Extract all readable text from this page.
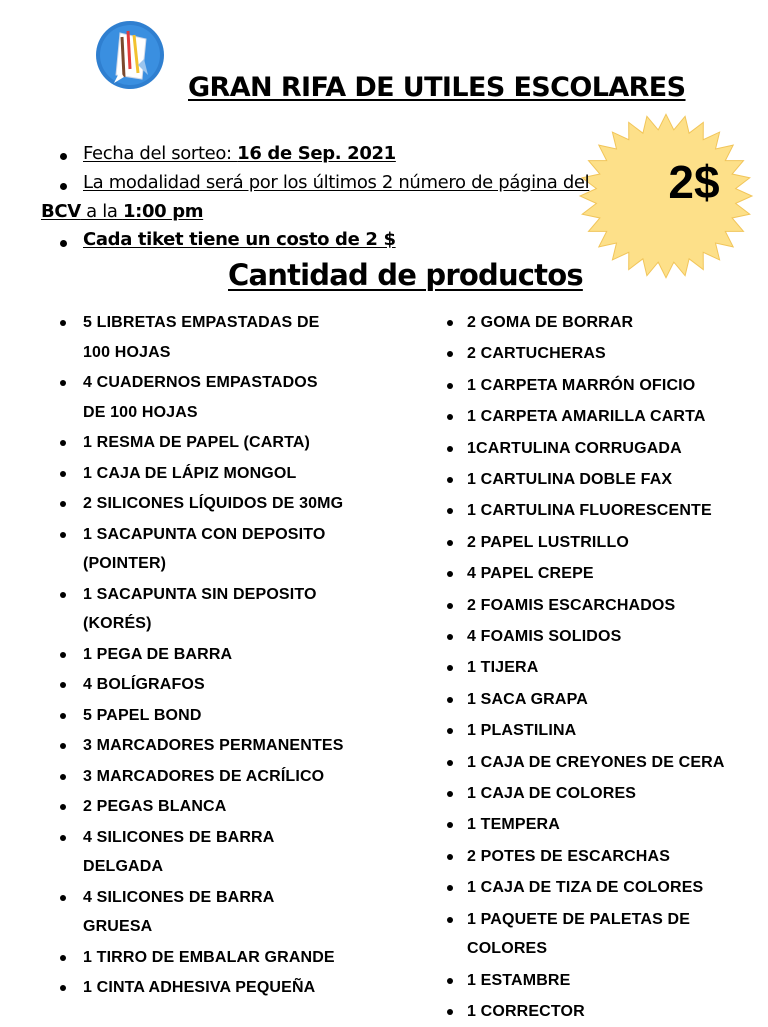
GRAN RIFA DE UTILES ESCOLARES
2$
Fecha del sorteo: 16 de Sep. 2021
La modalidad será por los últimos 2 número de página del
BCV a la 1:00 pm
Cada tiket tiene un costo de 2 $
Cantidad de productos
5 LIBRETAS EMPASTADAS DE
100 HOJAS
4 CUADERNOS EMPASTADOS
DE 100 HOJAS
1 RESMA DE PAPEL (CARTA)
1 CAJA DE LÁPIZ MONGOL
2 SILICONES LÍQUIDOS DE 30MG
1 SACAPUNTA CON DEPOSITO
(POINTER)
1 SACAPUNTA SIN DEPOSITO
(KORÉS)
1 PEGA DE BARRA
4 BOLÍGRAFOS
5 PAPEL BOND
3 MARCADORES PERMANENTES
3 MARCADORES DE ACRÍLICO
2 PEGAS BLANCA
4 SILICONES DE BARRA
DELGADA
4 SILICONES DE BARRA
GRUESA
1 TIRRO DE EMBALAR GRANDE
1 CINTA ADHESIVA PEQUEÑA
2 GOMA DE BORRAR
2 CARTUCHERAS
1 CARPETA MARRÓN OFICIO
1 CARPETA AMARILLA CARTA
1CARTULINA CORRUGADA
1 CARTULINA DOBLE FAX
1 CARTULINA FLUORESCENTE
2 PAPEL LUSTRILLO
4 PAPEL CREPE
2 FOAMIS ESCARCHADOS
4 FOAMIS SOLIDOS
1 TIJERA
1 SACA GRAPA
1 PLASTILINA
1 CAJA DE CREYONES DE CERA
1 CAJA DE COLORES
1 TEMPERA
2 POTES DE ESCARCHAS
1 CAJA DE TIZA DE COLORES
1 PAQUETE DE PALETAS DE
COLORES
1 ESTAMBRE
1 CORRECTOR
